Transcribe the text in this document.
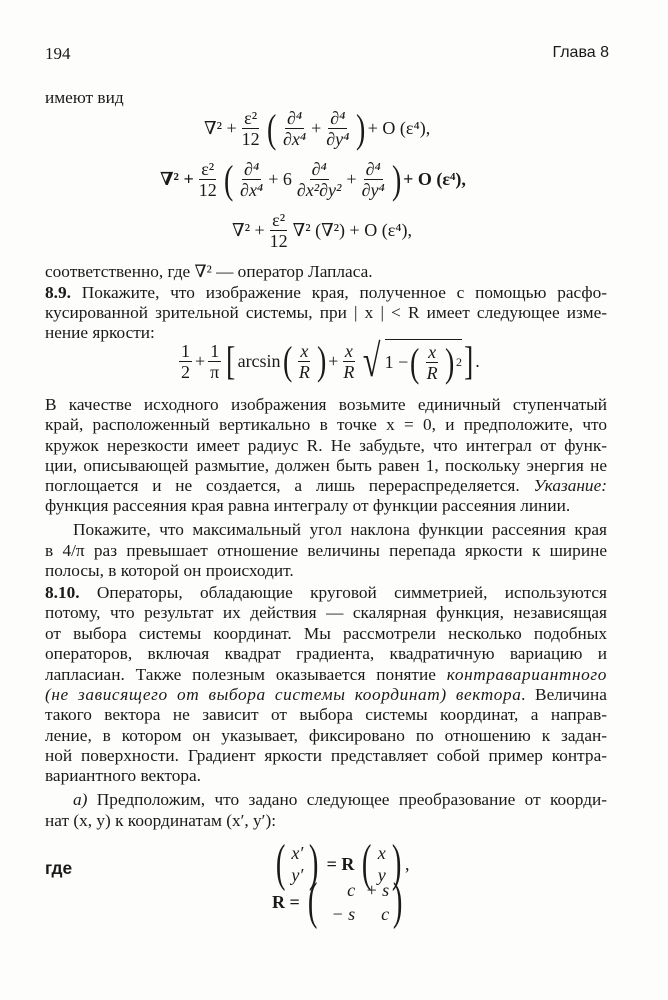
194	Глава 8
имеют вид
$\nabla^2 + \frac{\text{ε²}}{12}$ ( $\frac{\text{∂⁴}}{\text{∂x⁴}} + \frac{\text{∂⁴}}{\text{∂y⁴}}$ ) + O (ε⁴),
$\nabla^2 + \frac{\text{ε²}}{12}$ ( $\frac{\text{∂⁴}}{\text{∂x⁴}} + 6 \frac{\text{∂⁴}}{\text{∂x²∂y²}} + \frac{\text{∂⁴}}{\text{∂y⁴}}$ ) + O (ε⁴),
$\nabla^2 + \frac{\text{ε²}}{12} \nabla^2$ (∇²) + O (ε⁴),
соответственно, где ∇² — оператор Лапласа.
8.9. Покажите, что изображение края, полученное с помощью расфо-
кусированной зрительной системы, при | x | < R имеет следующее изме-
нение яркости:
$\frac{1}{2} + \frac{1}{\pi}$ [ arcsin ( $\frac{x}{R}$ ) + $\frac{x}{R}$ √ 1 − ( $\frac{x}{R}$ ) 2 ] .
В качестве исходного изображения возьмите единичный ступенчатый
край, расположенный вертикально в точке x = 0, и предположите, что
кружок нерезкости имеет радиус R. Не забудьте, что интеграл от функ-
ции, описывающей размытие, должен быть равен 1, поскольку энергия не
поглощается и не создается, а лишь перераспределяется. Указание:
функция рассеяния края равна интегралу от функции рассеяния линии.
Покажите, что максимальный угол наклона функции рассеяния края
в 4/π раз превышает отношение величины перепада яркости к ширине
полосы, в которой он происходит.
8.10. Операторы, обладающие круговой симметрией, используются
потому, что результат их действия — скалярная функция, независящая
от выбора системы координат. Мы рассмотрели несколько подобных
операторов, включая квадрат градиента, квадратичную вариацию и
лапласиан. Также полезным оказывается понятие контравариантного
(не зависящего от выбора системы координат) вектора. Величина
такого вектора не зависит от выбора системы координат, а направ-
ление, в котором он указывает, фиксировано по отношению к задан-
ной поверхности. Градиент яркости представляет собой пример контра-
вариантного вектора.
а) Предположим, что задано следующее преобразование от коорди-
нат (x, y) к координатам (x′, y′):
( x′
y′ ) = R ( x
y ) ,
где
R = (	c + s
− s	c )
